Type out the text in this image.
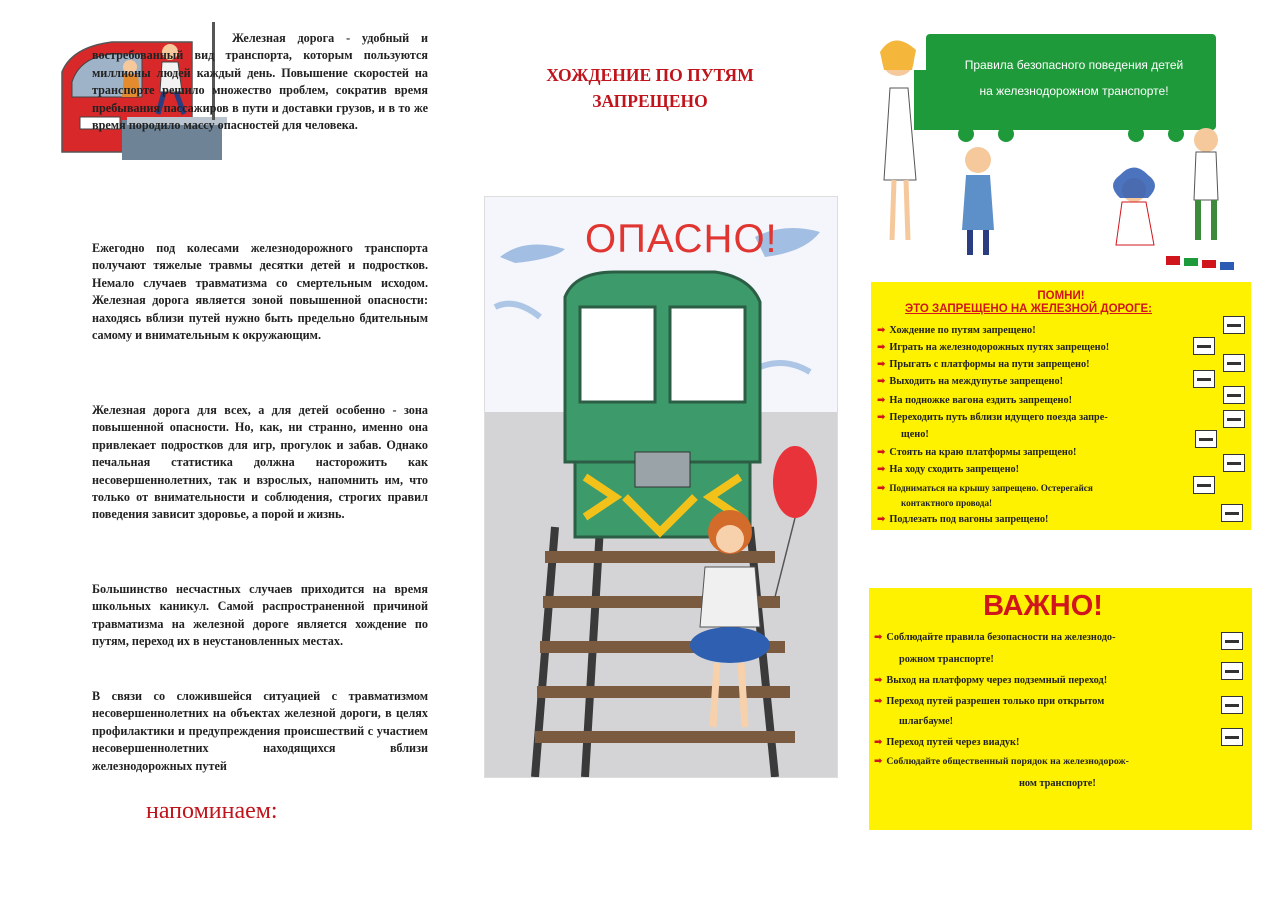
Железная дорога - удобный и востребованный вид транспорта, которым пользуются миллионы людей каждый день. Повышение скоростей на транспорте решило множество проблем, сократив время пребывания пассажиров в пути и доставки грузов, и в то же время породило массу опасностей для человека.

Ежегодно под колесами железнодорожного транспорта получают тяжелые травмы десятки детей и подростков. Немало случаев травматизма со смертельным исходом. Железная дорога является зоной повышенной опасности: находясь вблизи путей нужно быть предельно бдительным самому и внимательным к окружающим.

Железная дорога для всех, а для детей особенно - зона повышенной опасности. Но, как, ни странно, именно она привлекает подростков для игр, прогулок и забав. Однако печальная статистика должна насторожить как несовершеннолетних, так и взрослых, напомнить им, что только от внимательности и соблюдения, строгих правил поведения зависит здоровье, а порой и жизнь.

Большинство несчастных случаев приходится на время школьных каникул. Самой распространенной причиной травматизма на железной дороге является хождение по путям, переход их в неустановленных местах.

В связи со сложившейся ситуацией с травматизмом несовершеннолетних на объектах железной дороги, в целях профилактики и предупреждения происшествий с участием несовершеннолетних находящихся вблизи железнодорожных путей

напоминаем:
ХОЖДЕНИЕ ПО ПУТЯМ
ЗАПРЕЩЕНО
ОПАСНО!
Правила безопасного поведения детей
на железнодорожном транспорте!
ПОМНИ!
ЭТО ЗАПРЕЩЕНО НА ЖЕЛЕЗНОЙ ДОРОГЕ:
➡ Хождение по путям запрещено!
➡ Играть на железнодорожных путях запрещено!
➡ Прыгать с платформы на пути запрещено!
➡ Выходить на междупутье запрещено!
➡ На подножке вагона ездить запрещено!
➡ Переходить путь вблизи идущего поезда запре-
щено!
➡ Стоять на краю платформы запрещено!
➡ На ходу сходить запрещено!
➡ Подниматься на крышу запрещено. Остерегайся
контактного провода!
➡ Подлезать под вагоны запрещено!
ВАЖНО!
➡ Соблюдайте правила безопасности на железнодо-
рожном транспорте!
➡ Выход на платформу через подземный переход!
➡ Переход путей разрешен только при открытом
шлагбауме!
➡ Переход путей через виадук!
➡ Соблюдайте общественный порядок на железнодорож-
ном транспорте!
